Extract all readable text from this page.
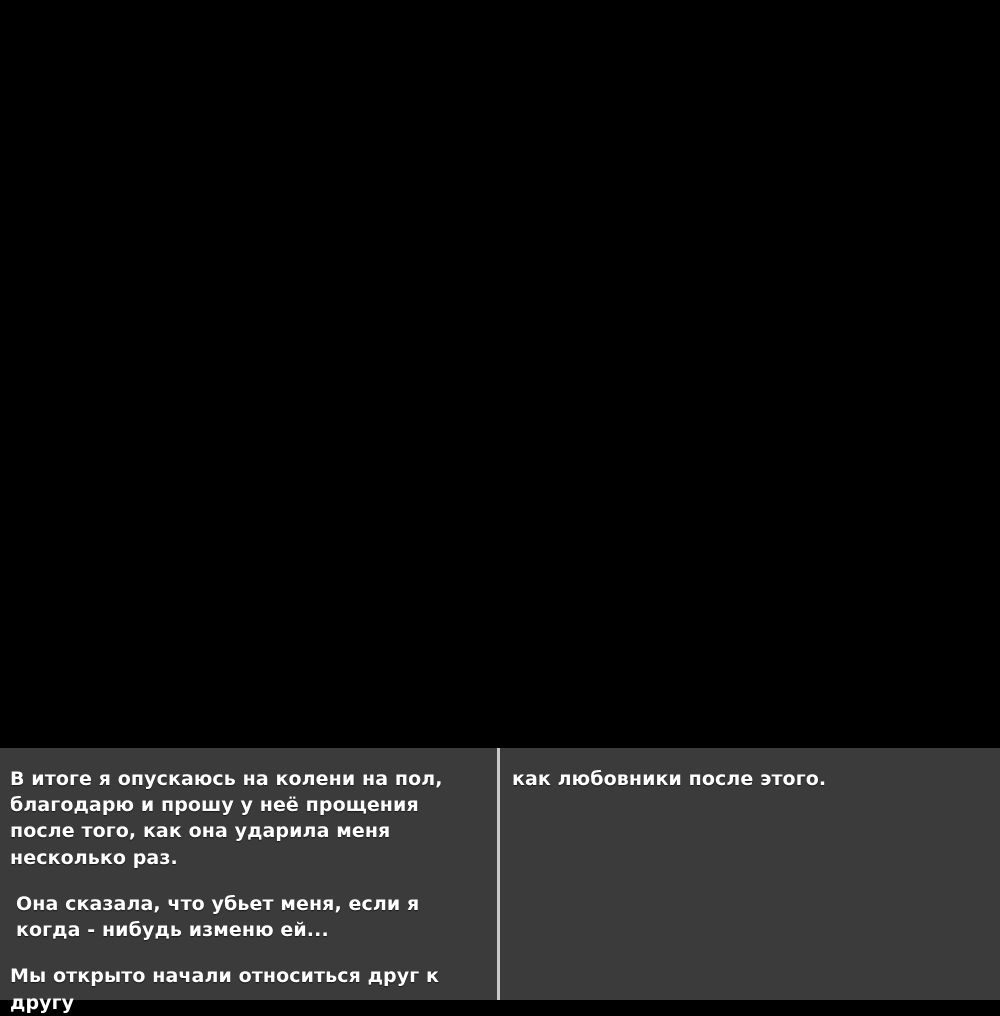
В итоге я опускаюсь на колени на пол, благодарю и прошу у неё прощения после того, как она ударила меня несколько раз.
Она сказала, что убьет меня, если я когда - нибудь изменю ей...
Мы открыто начали относиться друг к другу
как любовники после этого.
